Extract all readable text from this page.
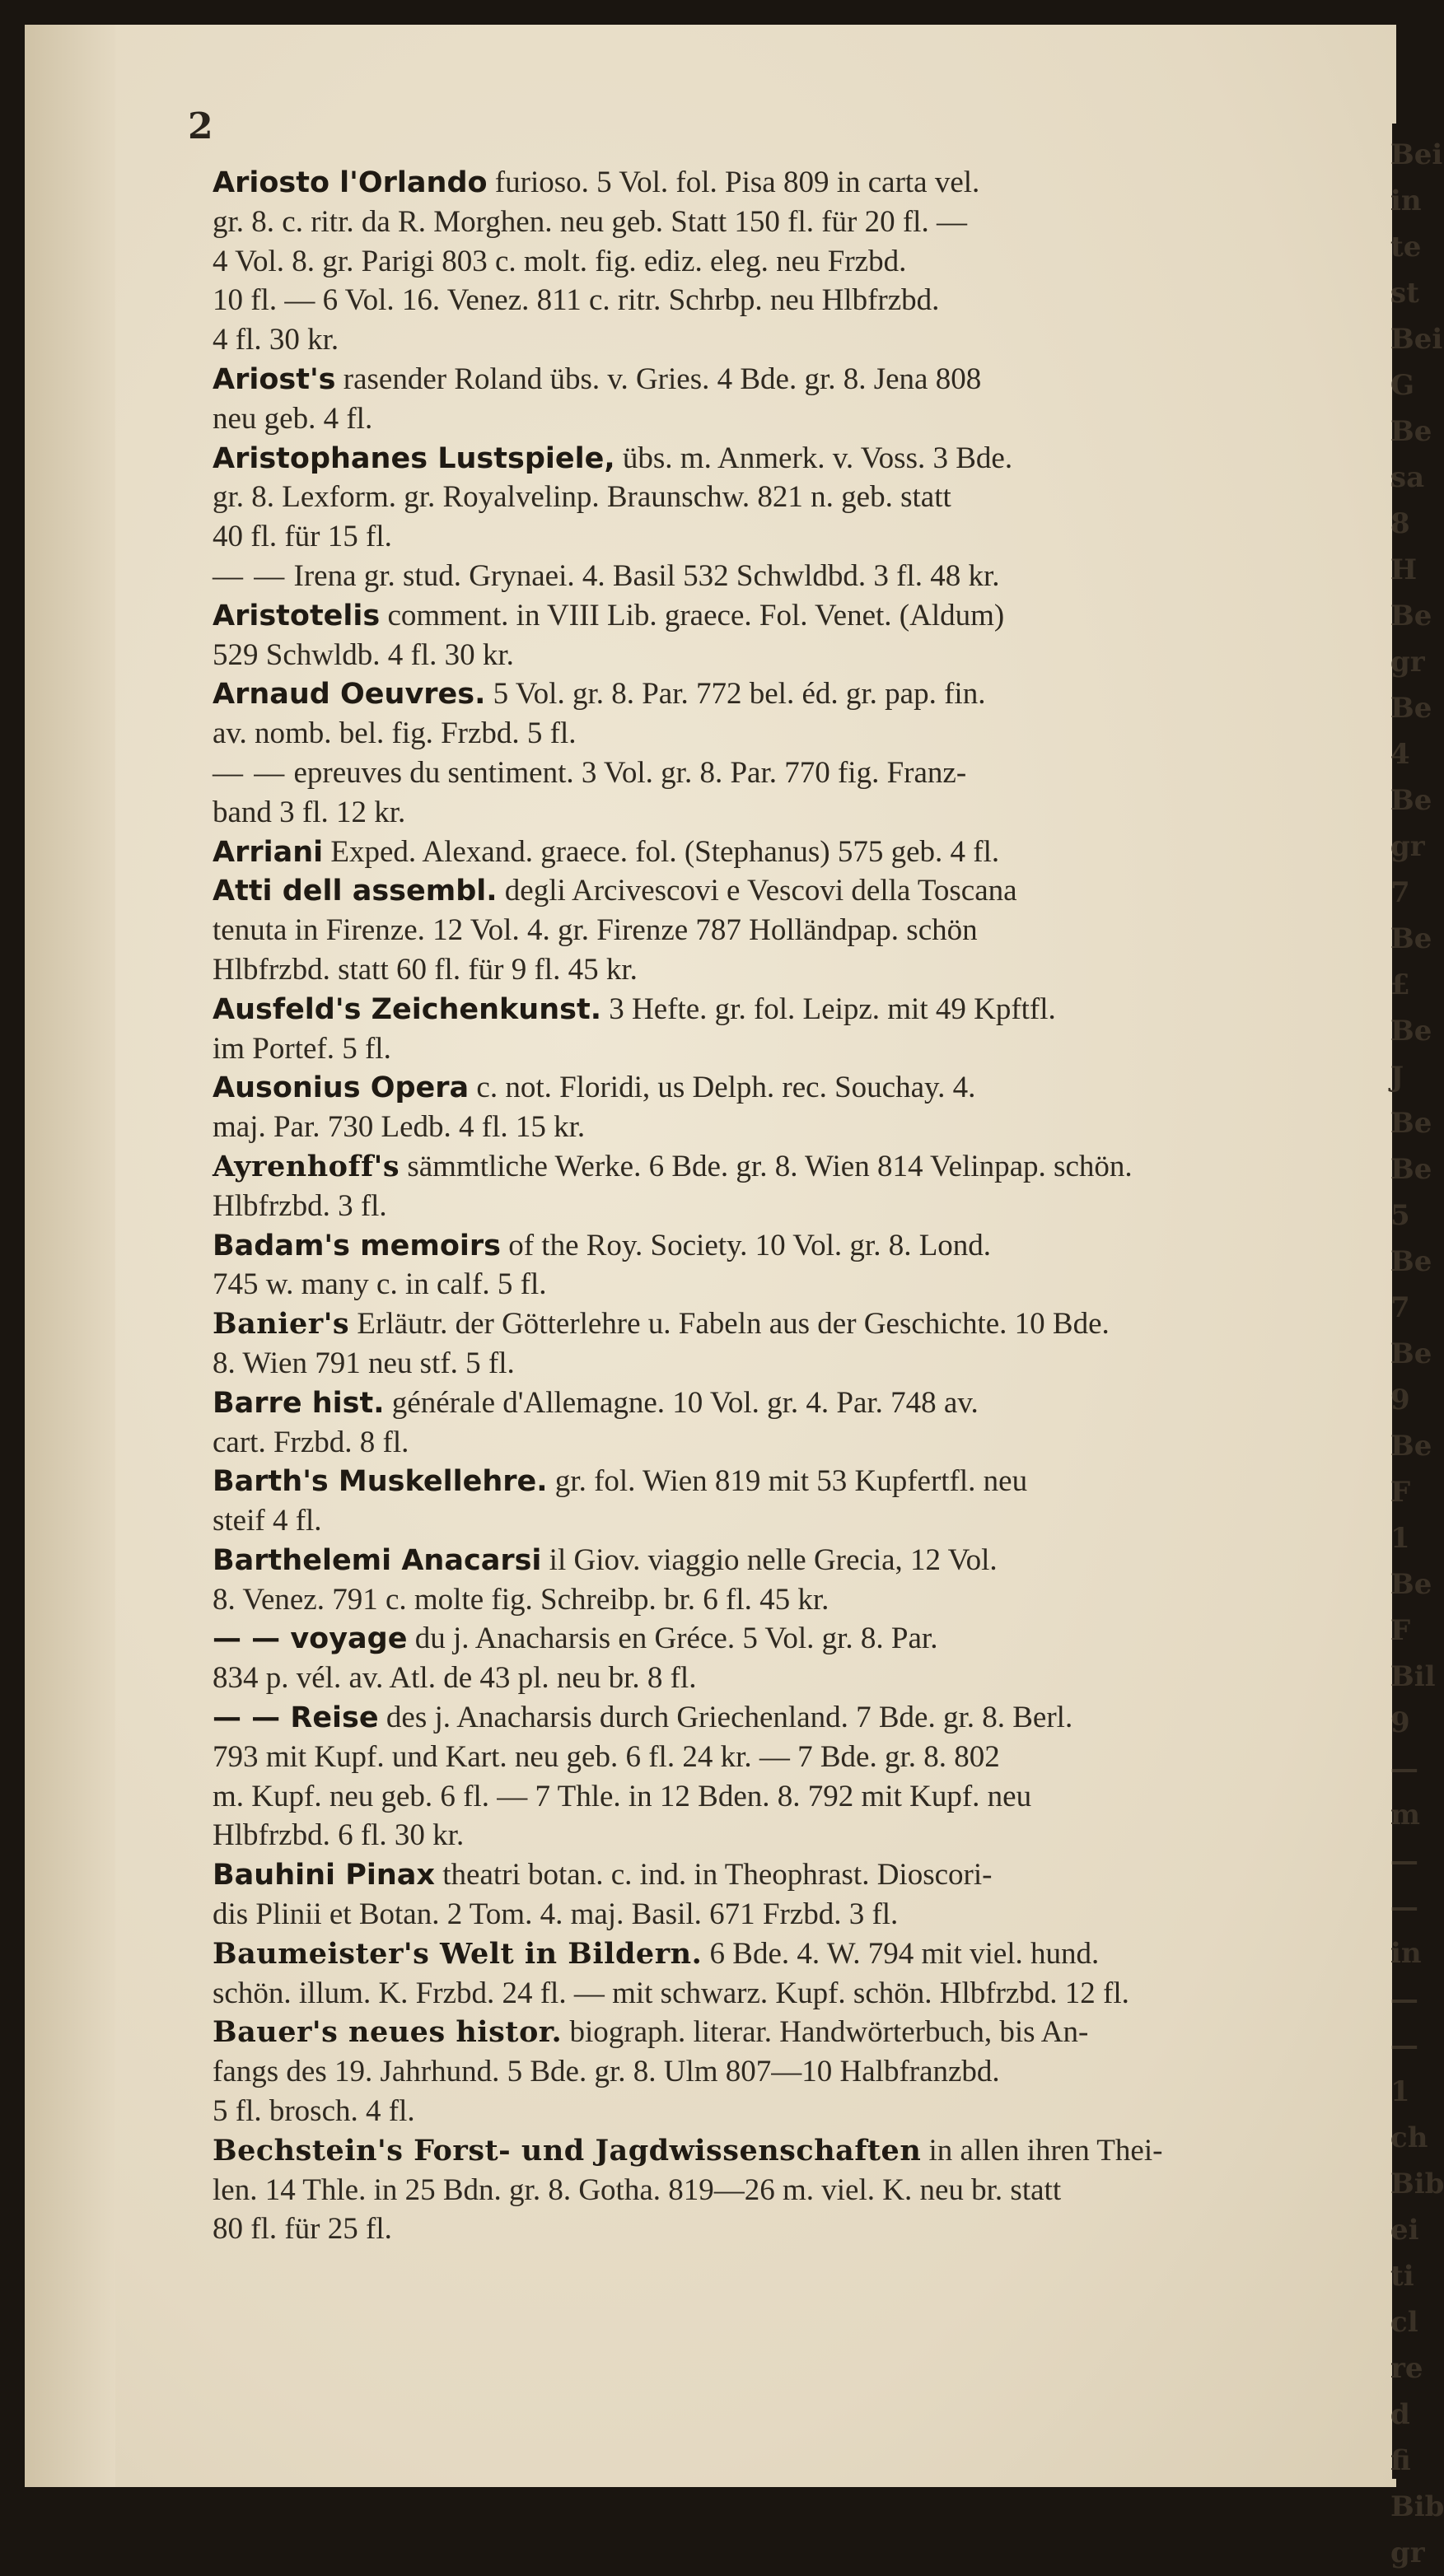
2
Ariosto l'Orlando furioso. 5 Vol. fol. Pisa 809 in carta vel.
gr. 8. c. ritr. da R. Morghen. neu geb. Statt 150 fl. für 20 fl. —
4 Vol. 8. gr. Parigi 803 c. molt. fig. ediz. eleg. neu Frzbd.
10 fl. — 6 Vol. 16. Venez. 811 c. ritr. Schrbp. neu Hlbfrzbd.
4 fl. 30 kr.
Ariost's rasender Roland übs. v. Gries. 4 Bde. gr. 8. Jena 808
neu geb. 4 fl.
Aristophanes Lustspiele, übs. m. Anmerk. v. Voss. 3 Bde.
gr. 8. Lexform. gr. Royalvelinp. Braunschw. 821 n. geb. statt
40 fl. für 15 fl.
— — Irena gr. stud. Grynaei. 4. Basil 532 Schwldbd. 3 fl. 48 kr.
Aristotelis comment. in VIII Lib. graece. Fol. Venet. (Aldum)
529 Schwldb. 4 fl. 30 kr.
Arnaud Oeuvres. 5 Vol. gr. 8. Par. 772 bel. éd. gr. pap. fin.
av. nomb. bel. fig. Frzbd. 5 fl.
— — epreuves du sentiment. 3 Vol. gr. 8. Par. 770 fig. Franz-
band 3 fl. 12 kr.
Arriani Exped. Alexand. graece. fol. (Stephanus) 575 geb. 4 fl.
Atti dell assembl. degli Arcivescovi e Vescovi della Toscana
tenuta in Firenze. 12 Vol. 4. gr. Firenze 787 Holländpap. schön
Hlbfrzbd. statt 60 fl. für 9 fl. 45 kr.
Ausfeld's Zeichenkunst. 3 Hefte. gr. fol. Leipz. mit 49 Kpftfl.
im Portef. 5 fl.
Ausonius Opera c. not. Floridi, us Delph. rec. Souchay. 4.
maj. Par. 730 Ledb. 4 fl. 15 kr.
Ayrenhoff's sämmtliche Werke. 6 Bde. gr. 8. Wien 814 Velinpap. schön.
Hlbfrzbd. 3 fl.
Badam's memoirs of the Roy. Society. 10 Vol. gr. 8. Lond.
745 w. many c. in calf. 5 fl.
Banier's Erläutr. der Götterlehre u. Fabeln aus der Geschichte. 10 Bde.
8. Wien 791 neu stf. 5 fl.
Barre hist. générale d'Allemagne. 10 Vol. gr. 4. Par. 748 av.
cart. Frzbd. 8 fl.
Barth's Muskellehre. gr. fol. Wien 819 mit 53 Kupfertfl. neu
steif 4 fl.
Barthelemi Anacarsi il Giov. viaggio nelle Grecia, 12 Vol.
8. Venez. 791 c. molte fig. Schreibp. br. 6 fl. 45 kr.
— — voyage du j. Anacharsis en Gréce. 5 Vol. gr. 8. Par.
834 p. vél. av. Atl. de 43 pl. neu br. 8 fl.
— — Reise des j. Anacharsis durch Griechenland. 7 Bde. gr. 8. Berl.
793 mit Kupf. und Kart. neu geb. 6 fl. 24 kr. — 7 Bde. gr. 8. 802
m. Kupf. neu geb. 6 fl. — 7 Thle. in 12 Bden. 8. 792 mit Kupf. neu
Hlbfrzbd. 6 fl. 30 kr.
Bauhini Pinax theatri botan. c. ind. in Theophrast. Dioscori-
dis Plinii et Botan. 2 Tom. 4. maj. Basil. 671 Frzbd. 3 fl.
Baumeister's Welt in Bildern. 6 Bde. 4. W. 794 mit viel. hund.
schön. illum. K. Frzbd. 24 fl. — mit schwarz. Kupf. schön. Hlbfrzbd. 12 fl.
Bauer's neues histor. biograph. literar. Handwörterbuch, bis An-
fangs des 19. Jahrhund. 5 Bde. gr. 8. Ulm 807—10 Halbfranzbd.
5 fl. brosch. 4 fl.
Bechstein's Forst- und Jagdwissenschaften in allen ihren Thei-
len. 14 Thle. in 25 Bdn. gr. 8. Gotha. 819—26 m. viel. K. neu br. statt
80 fl. für 25 fl.
Bei
in
te
st
Bei
G
Be
sa
8
H
Be
gr
Be
4
Be
gr
7
Be
£
Be
J
Be
Be
5
Be
7
Be
9
Be
F
1
Be
F
Bil
9
—
m
—
—
in
—
—
1
ch
Bib
ei
ti
cl
re
d
fi
Bib
gr
